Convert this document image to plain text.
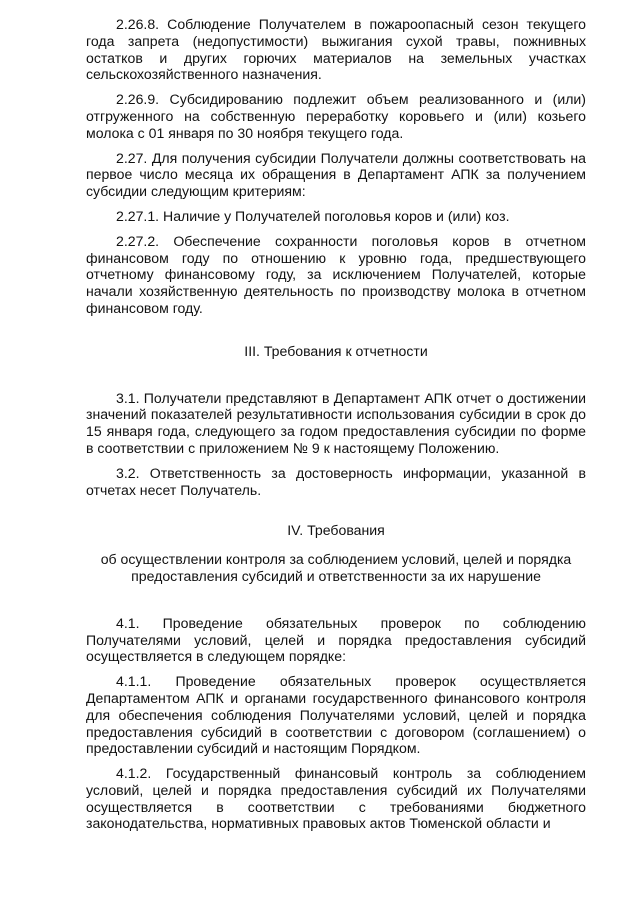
2.26.8. Соблюдение Получателем в пожароопасный сезон текущего года запрета (недопустимости) выжигания сухой травы, пожнивных остатков и других горючих материалов на земельных участках сельскохозяйственного назначения.

2.26.9. Субсидированию подлежит объем реализованного и (или) отгруженного на собственную переработку коровьего и (или) козьего молока с 01 января по 30 ноября текущего года.

2.27. Для получения субсидии Получатели должны соответствовать на первое число месяца их обращения в Департамент АПК за получением субсидии следующим критериям:

2.27.1. Наличие у Получателей поголовья коров и (или) коз.

2.27.2. Обеспечение сохранности поголовья коров в отчетном финансовом году по отношению к уровню года, предшествующего отчетному финансовому году, за исключением Получателей, которые начали хозяйственную деятельность по производству молока в отчетном финансовом году.

III. Требования к отчетности

3.1. Получатели представляют в Департамент АПК отчет о достижении значений показателей результативности использования субсидии в срок до 15 января года, следующего за годом предоставления субсидии по форме в соответствии с приложением № 9 к настоящему Положению.

3.2. Ответственность за достоверность информации, указанной в отчетах несет Получатель.

IV. Требования

об осуществлении контроля за соблюдением условий, целей и порядка предоставления субсидий и ответственности за их нарушение

4.1. Проведение обязательных проверок по соблюдению Получателями условий, целей и порядка предоставления субсидий осуществляется в следующем порядке:

4.1.1. Проведение обязательных проверок осуществляется Департаментом АПК и органами государственного финансового контроля для обеспечения соблюдения Получателями условий, целей и порядка предоставления субсидий в соответствии с договором (соглашением) о предоставлении субсидий и настоящим Порядком.

4.1.2. Государственный финансовый контроль за соблюдением условий, целей и порядка предоставления субсидий их Получателями осуществляется в соответствии с требованиями бюджетного законодательства, нормативных правовых актов Тюменской области и
